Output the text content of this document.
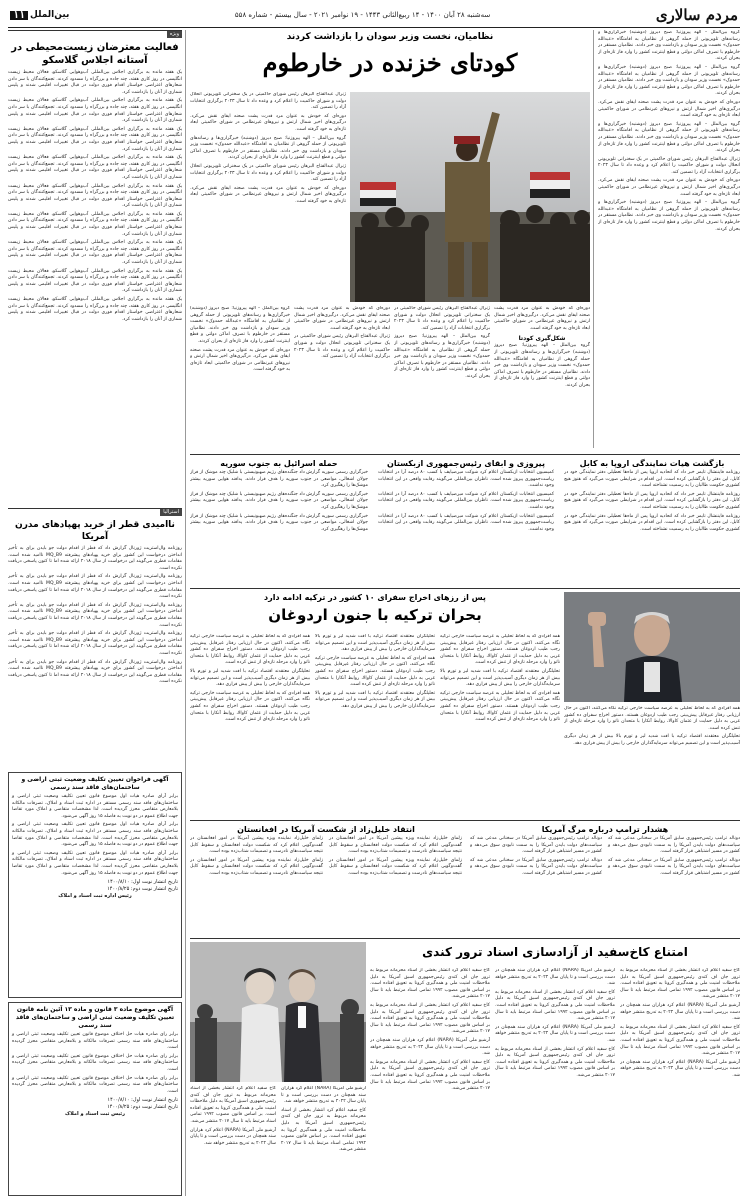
مردم سالاری
سه‌شنبه ۲۸ آبان ۱۴۰۰ - ۱۴ ربیع‌الثانی ۱۴۴۳ - ۱۹ نوامبر ۲۰۲۱ - سال بیستم - شماره ۵۵۸
بین‌الملل
۱۱

گروه بین‌الملل – الهه پیروزنیا: صبح دیروز (دوشنبه) خبرگزاری‌ها و رسانه‌های تلویزیونی از حمله گروهی از نظامیان به اقامتگاه «عبدالله حمدوک» نخست وزیر سودان و بازداشت وی خبر دادند. نظامیان مستقر در خارطوم با تصرف اماکن دولتی و قطع اینترنت کشور را وارد فاز تازه‌ای از بحران کردند.

گروه بین‌الملل – الهه پیروزنیا: صبح دیروز (دوشنبه) خبرگزاری‌ها و رسانه‌های تلویزیونی از حمله گروهی از نظامیان به اقامتگاه «عبدالله حمدوک» نخست وزیر سودان و بازداشت وی خبر دادند. نظامیان مستقر در خارطوم با تصرف اماکن دولتی و قطع اینترنت کشور را وارد فاز تازه‌ای از بحران کردند.

دوره‌ای که خودش به عنوان مرد قدرت پشت صحنه ایفای نقش می‌کرد. درگیری‌های اخیر شمال ارتش و نیروهای غیرنظامی در شورای حاکمیتی ابعاد تازه‌ای به خود گرفته است.

گروه بین‌الملل – الهه پیروزنیا: صبح دیروز (دوشنبه) خبرگزاری‌ها و رسانه‌های تلویزیونی از حمله گروهی از نظامیان به اقامتگاه «عبدالله حمدوک» نخست وزیر سودان و بازداشت وی خبر دادند. نظامیان مستقر در خارطوم با تصرف اماکن دولتی و قطع اینترنت کشور را وارد فاز تازه‌ای از بحران کردند.

ژنرال عبدالفتاح البرهان رئیس شورای حاکمیتی در یک سخنرانی تلویزیونی انحلال دولت و شورای حاکمیت را اعلام کرد و وعده داد تا سال ۲۰۲۳ برگزاری انتخابات آزاد را تضمین کند.

دوره‌ای که خودش به عنوان مرد قدرت پشت صحنه ایفای نقش می‌کرد. درگیری‌های اخیر شمال ارتش و نیروهای غیرنظامی در شورای حاکمیتی ابعاد تازه‌ای به خود گرفته است.

گروه بین‌الملل – الهه پیروزنیا: صبح دیروز (دوشنبه) خبرگزاری‌ها و رسانه‌های تلویزیونی از حمله گروهی از نظامیان به اقامتگاه «عبدالله حمدوک» نخست وزیر سودان و بازداشت وی خبر دادند. نظامیان مستقر در خارطوم با تصرف اماکن دولتی و قطع اینترنت کشور را وارد فاز تازه‌ای از بحران کردند.

نظامیان، نخست وزیر سودان را بازداشت کردند
کودتای خزنده در خارطوم

ژنرال عبدالفتاح البرهان رئیس شورای حاکمیتی در یک سخنرانی تلویزیونی انحلال دولت و شورای حاکمیت را اعلام کرد و وعده داد تا سال ۲۰۲۳ برگزاری انتخابات آزاد را تضمین کند.

دوره‌ای که خودش به عنوان مرد قدرت پشت صحنه ایفای نقش می‌کرد. درگیری‌های اخیر شمال ارتش و نیروهای غیرنظامی در شورای حاکمیتی ابعاد تازه‌ای به خود گرفته است.

گروه بین‌الملل – الهه پیروزنیا: صبح دیروز (دوشنبه) خبرگزاری‌ها و رسانه‌های تلویزیونی از حمله گروهی از نظامیان به اقامتگاه «عبدالله حمدوک» نخست وزیر سودان و بازداشت وی خبر دادند. نظامیان مستقر در خارطوم با تصرف اماکن دولتی و قطع اینترنت کشور را وارد فاز تازه‌ای از بحران کردند.

ژنرال عبدالفتاح البرهان رئیس شورای حاکمیتی در یک سخنرانی تلویزیونی انحلال دولت و شورای حاکمیت را اعلام کرد و وعده داد تا سال ۲۰۲۳ برگزاری انتخابات آزاد را تضمین کند.

دوره‌ای که خودش به عنوان مرد قدرت پشت صحنه ایفای نقش می‌کرد. درگیری‌های اخیر شمال ارتش و نیروهای غیرنظامی در شورای حاکمیتی ابعاد تازه‌ای به خود گرفته است.

دوره‌ای که خودش به عنوان مرد قدرت پشت صحنه ایفای نقش می‌کرد. درگیری‌های اخیر شمال ارتش و نیروهای غیرنظامی در شورای حاکمیتی ابعاد تازه‌ای به خود گرفته است.

شکل‌گیری کودتا

گروه بین‌الملل – الهه پیروزنیا: صبح دیروز (دوشنبه) خبرگزاری‌ها و رسانه‌های تلویزیونی از حمله گروهی از نظامیان به اقامتگاه «عبدالله حمدوک» نخست وزیر سودان و بازداشت وی خبر دادند. نظامیان مستقر در خارطوم با تصرف اماکن دولتی و قطع اینترنت کشور را وارد فاز تازه‌ای از بحران کردند.

ژنرال عبدالفتاح البرهان رئیس شورای حاکمیتی در یک سخنرانی تلویزیونی انحلال دولت و شورای حاکمیت را اعلام کرد و وعده داد تا سال ۲۰۲۳ برگزاری انتخابات آزاد را تضمین کند.

گروه بین‌الملل – الهه پیروزنیا: صبح دیروز (دوشنبه) خبرگزاری‌ها و رسانه‌های تلویزیونی از حمله گروهی از نظامیان به اقامتگاه «عبدالله حمدوک» نخست وزیر سودان و بازداشت وی خبر دادند. نظامیان مستقر در خارطوم با تصرف اماکن دولتی و قطع اینترنت کشور را وارد فاز تازه‌ای از بحران کردند.

دوره‌ای که خودش به عنوان مرد قدرت پشت صحنه ایفای نقش می‌کرد. درگیری‌های اخیر شمال ارتش و نیروهای غیرنظامی در شورای حاکمیتی ابعاد تازه‌ای به خود گرفته است.

ژنرال عبدالفتاح البرهان رئیس شورای حاکمیتی در یک سخنرانی تلویزیونی انحلال دولت و شورای حاکمیت را اعلام کرد و وعده داد تا سال ۲۰۲۳ برگزاری انتخابات آزاد را تضمین کند.

گروه بین‌الملل – الهه پیروزنیا: صبح دیروز (دوشنبه) خبرگزاری‌ها و رسانه‌های تلویزیونی از حمله گروهی از نظامیان به اقامتگاه «عبدالله حمدوک» نخست وزیر سودان و بازداشت وی خبر دادند. نظامیان مستقر در خارطوم با تصرف اماکن دولتی و قطع اینترنت کشور را وارد فاز تازه‌ای از بحران کردند.

دوره‌ای که خودش به عنوان مرد قدرت پشت صحنه ایفای نقش می‌کرد. درگیری‌های اخیر شمال ارتش و نیروهای غیرنظامی در شورای حاکمیتی ابعاد تازه‌ای به خود گرفته است.

ویژه
فعالیت معترضان زیست‌محیطی در آستانه اجلاس گلاسکو

یک هفته مانده به برگزاری اجلاس بین‌المللی آب‌وهوایی گلاسکو، فعالان محیط زیست انگلیسی در روز کاری هفته، چند جاده و بزرگراه را مسدود کردند. تجمع‌کنندگان با سر دادن شعارهای اعتراضی خواستار اقدام فوری دولت در قبال تغییرات اقلیمی شدند و پلیس شماری از آنان را بازداشت کرد.

یک هفته مانده به برگزاری اجلاس بین‌المللی آب‌وهوایی گلاسکو، فعالان محیط زیست انگلیسی در روز کاری هفته، چند جاده و بزرگراه را مسدود کردند. تجمع‌کنندگان با سر دادن شعارهای اعتراضی خواستار اقدام فوری دولت در قبال تغییرات اقلیمی شدند و پلیس شماری از آنان را بازداشت کرد.

یک هفته مانده به برگزاری اجلاس بین‌المللی آب‌وهوایی گلاسکو، فعالان محیط زیست انگلیسی در روز کاری هفته، چند جاده و بزرگراه را مسدود کردند. تجمع‌کنندگان با سر دادن شعارهای اعتراضی خواستار اقدام فوری دولت در قبال تغییرات اقلیمی شدند و پلیس شماری از آنان را بازداشت کرد.

یک هفته مانده به برگزاری اجلاس بین‌المللی آب‌وهوایی گلاسکو، فعالان محیط زیست انگلیسی در روز کاری هفته، چند جاده و بزرگراه را مسدود کردند. تجمع‌کنندگان با سر دادن شعارهای اعتراضی خواستار اقدام فوری دولت در قبال تغییرات اقلیمی شدند و پلیس شماری از آنان را بازداشت کرد.

یک هفته مانده به برگزاری اجلاس بین‌المللی آب‌وهوایی گلاسکو، فعالان محیط زیست انگلیسی در روز کاری هفته، چند جاده و بزرگراه را مسدود کردند. تجمع‌کنندگان با سر دادن شعارهای اعتراضی خواستار اقدام فوری دولت در قبال تغییرات اقلیمی شدند و پلیس شماری از آنان را بازداشت کرد.

یک هفته مانده به برگزاری اجلاس بین‌المللی آب‌وهوایی گلاسکو، فعالان محیط زیست انگلیسی در روز کاری هفته، چند جاده و بزرگراه را مسدود کردند. تجمع‌کنندگان با سر دادن شعارهای اعتراضی خواستار اقدام فوری دولت در قبال تغییرات اقلیمی شدند و پلیس شماری از آنان را بازداشت کرد.

یک هفته مانده به برگزاری اجلاس بین‌المللی آب‌وهوایی گلاسکو، فعالان محیط زیست انگلیسی در روز کاری هفته، چند جاده و بزرگراه را مسدود کردند. تجمع‌کنندگان با سر دادن شعارهای اعتراضی خواستار اقدام فوری دولت در قبال تغییرات اقلیمی شدند و پلیس شماری از آنان را بازداشت کرد.

یک هفته مانده به برگزاری اجلاس بین‌المللی آب‌وهوایی گلاسکو، فعالان محیط زیست انگلیسی در روز کاری هفته، چند جاده و بزرگراه را مسدود کردند. تجمع‌کنندگان با سر دادن شعارهای اعتراضی خواستار اقدام فوری دولت در قبال تغییرات اقلیمی شدند و پلیس شماری از آنان را بازداشت کرد.

یک هفته مانده به برگزاری اجلاس بین‌المللی آب‌وهوایی گلاسکو، فعالان محیط زیست انگلیسی در روز کاری هفته، چند جاده و بزرگراه را مسدود کردند. تجمع‌کنندگان با سر دادن شعارهای اعتراضی خواستار اقدام فوری دولت در قبال تغییرات اقلیمی شدند و پلیس شماری از آنان را بازداشت کرد.

استرالیا
ناامیدی قطر از خرید پهپادهای مدرن آمریکا

روزنامه وال‌استریت ژورنال گزارش داد که قطر از اقدام دولت جو بایدن برای به تأخیر انداختن درخواست این کشور برای خرید پهپادهای پیشرفته MQ_B9 ناامید شده است. مقامات قطری می‌گویند این درخواست از سال ۲۰۱۸ ارائه شده اما تا کنون پاسخی دریافت نکرده است.

روزنامه وال‌استریت ژورنال گزارش داد که قطر از اقدام دولت جو بایدن برای به تأخیر انداختن درخواست این کشور برای خرید پهپادهای پیشرفته MQ_B9 ناامید شده است. مقامات قطری می‌گویند این درخواست از سال ۲۰۱۸ ارائه شده اما تا کنون پاسخی دریافت نکرده است.

روزنامه وال‌استریت ژورنال گزارش داد که قطر از اقدام دولت جو بایدن برای به تأخیر انداختن درخواست این کشور برای خرید پهپادهای پیشرفته MQ_B9 ناامید شده است. مقامات قطری می‌گویند این درخواست از سال ۲۰۱۸ ارائه شده اما تا کنون پاسخی دریافت نکرده است.

روزنامه وال‌استریت ژورنال گزارش داد که قطر از اقدام دولت جو بایدن برای به تأخیر انداختن درخواست این کشور برای خرید پهپادهای پیشرفته MQ_B9 ناامید شده است. مقامات قطری می‌گویند این درخواست از سال ۲۰۱۸ ارائه شده اما تا کنون پاسخی دریافت نکرده است.

روزنامه وال‌استریت ژورنال گزارش داد که قطر از اقدام دولت جو بایدن برای به تأخیر انداختن درخواست این کشور برای خرید پهپادهای پیشرفته MQ_B9 ناامید شده است. مقامات قطری می‌گویند این درخواست از سال ۲۰۱۸ ارائه شده اما تا کنون پاسخی دریافت نکرده است.

آگهی فراخوان تعیین تکلیف وضعیت ثبتی اراضی و ساختمان‌های فاقد سند رسمی

برابر آرای صادره هیات اول موضوع قانون تعیین تکلیف وضعیت ثبتی اراضی و ساختمان‌های فاقد سند رسمی مستقر در اداره ثبت اسناد و املاک، تصرفات مالکانه بلامعارض متقاضی محرز گردیده است. لذا مشخصات متقاضی و املاک مورد تقاضا جهت اطلاع عموم در دو نوبت به فاصله ۱۵ روز آگهی می‌شود.

برابر آرای صادره هیات اول موضوع قانون تعیین تکلیف وضعیت ثبتی اراضی و ساختمان‌های فاقد سند رسمی مستقر در اداره ثبت اسناد و املاک، تصرفات مالکانه بلامعارض متقاضی محرز گردیده است. لذا مشخصات متقاضی و املاک مورد تقاضا جهت اطلاع عموم در دو نوبت به فاصله ۱۵ روز آگهی می‌شود.

برابر آرای صادره هیات اول موضوع قانون تعیین تکلیف وضعیت ثبتی اراضی و ساختمان‌های فاقد سند رسمی مستقر در اداره ثبت اسناد و املاک، تصرفات مالکانه بلامعارض متقاضی محرز گردیده است. لذا مشخصات متقاضی و املاک مورد تقاضا جهت اطلاع عموم در دو نوبت به فاصله ۱۵ روز آگهی می‌شود.

تاریخ انتشار نوبت اول: ۱۴۰۰/۸/۱۰
تاریخ انتشار نوبت دوم: ۱۴۰۰/۸/۲۵
رئیس اداره ثبت اسناد و املاک
آگهی موضوع ماده ۳ قانون و ماده ۱۳ آئین نامه قانون تعیین تکلیف وضعیت ثبتی اراضی و ساختمان‌های فاقد سند رسمی

برابر رای صادره هیات حل اختلاف موضوع قانون تعیین تکلیف وضعیت ثبتی اراضی و ساختمان‌های فاقد سند رسمی تصرفات مالکانه و بلامعارض متقاضی محرز گردیده است.

برابر رای صادره هیات حل اختلاف موضوع قانون تعیین تکلیف وضعیت ثبتی اراضی و ساختمان‌های فاقد سند رسمی تصرفات مالکانه و بلامعارض متقاضی محرز گردیده است.

برابر رای صادره هیات حل اختلاف موضوع قانون تعیین تکلیف وضعیت ثبتی اراضی و ساختمان‌های فاقد سند رسمی تصرفات مالکانه و بلامعارض متقاضی محرز گردیده است.

تاریخ انتشار نوبت اول: ۱۴۰۰/۸/۱۰
تاریخ انتشار نوبت دوم: ۱۴۰۰/۸/۲۵
رئیس ثبت اسناد و املاک
بازگشت هیات نمایندگی اروپا به کابل

روزنامه فایننشال تایمز خبر داد که اتحادیه اروپا پس از ماه‌ها تعطیلی دفتر نمایندگی خود در کابل، این دفتر را بازگشایی کرده است. این اقدام در شرایطی صورت می‌گیرد که هنوز هیچ کشوری حکومت طالبان را به رسمیت نشناخته است.

روزنامه فایننشال تایمز خبر داد که اتحادیه اروپا پس از ماه‌ها تعطیلی دفتر نمایندگی خود در کابل، این دفتر را بازگشایی کرده است. این اقدام در شرایطی صورت می‌گیرد که هنوز هیچ کشوری حکومت طالبان را به رسمیت نشناخته است.

روزنامه فایننشال تایمز خبر داد که اتحادیه اروپا پس از ماه‌ها تعطیلی دفتر نمایندگی خود در کابل، این دفتر را بازگشایی کرده است. این اقدام در شرایطی صورت می‌گیرد که هنوز هیچ کشوری حکومت طالبان را به رسمیت نشناخته است.

پیروزی و ابقای رئیس‌جمهوری ازبکستان

کمیسیون انتخابات ازبکستان اعلام کرد شوکت میرضیایف با کسب ۸۰ درصد آرا در انتخابات ریاست‌جمهوری پیروز شده است. ناظران بین‌المللی می‌گویند رقابت واقعی در این انتخابات وجود نداشت.

کمیسیون انتخابات ازبکستان اعلام کرد شوکت میرضیایف با کسب ۸۰ درصد آرا در انتخابات ریاست‌جمهوری پیروز شده است. ناظران بین‌المللی می‌گویند رقابت واقعی در این انتخابات وجود نداشت.

کمیسیون انتخابات ازبکستان اعلام کرد شوکت میرضیایف با کسب ۸۰ درصد آرا در انتخابات ریاست‌جمهوری پیروز شده است. ناظران بین‌المللی می‌گویند رقابت واقعی در این انتخابات وجود نداشت.

حمله اسرائیل به جنوب سوریه

خبرگزاری رسمی سوریه گزارش داد جنگنده‌های رژیم صهیونیستی با شلیک چند موشک از فراز جولان اشغالی، مواضعی در جنوب سوریه را هدف قرار دادند. پدافند هوایی سوریه بیشتر موشک‌ها را رهگیری کرد.

خبرگزاری رسمی سوریه گزارش داد جنگنده‌های رژیم صهیونیستی با شلیک چند موشک از فراز جولان اشغالی، مواضعی در جنوب سوریه را هدف قرار دادند. پدافند هوایی سوریه بیشتر موشک‌ها را رهگیری کرد.

خبرگزاری رسمی سوریه گزارش داد جنگنده‌های رژیم صهیونیستی با شلیک چند موشک از فراز جولان اشغالی، مواضعی در جنوب سوریه را هدف قرار دادند. پدافند هوایی سوریه بیشتر موشک‌ها را رهگیری کرد.

پس از رزهای اخراج سفرای ۱۰ کشور در ترکیه ادامه دارد
بحران ترکیه با جنون اردوغان

همه افرادی که به لحاظ تحلیلی به عرصه سیاست خارجی ترکیه نگاه می‌کنند، اکنون در حال ارزیابی رفتار غیرقابل پیش‌بینی رجب طیب اردوغان هستند. دستور اخراج سفرای ده کشور غربی به دلیل حمایت از عثمان کاوالا، روابط آنکارا با متحدان ناتو را وارد مرحله تازه‌ای از تنش کرده است.

تحلیلگران معتقدند اقتصاد ترکیه با افت شدید لیر و تورم بالا بیش از هر زمان دیگری آسیب‌پذیر است و این تصمیم می‌تواند سرمایه‌گذاران خارجی را بیش از پیش فراری دهد.

همه افرادی که به لحاظ تحلیلی به عرصه سیاست خارجی ترکیه نگاه می‌کنند، اکنون در حال ارزیابی رفتار غیرقابل پیش‌بینی رجب طیب اردوغان هستند. دستور اخراج سفرای ده کشور غربی به دلیل حمایت از عثمان کاوالا، روابط آنکارا با متحدان ناتو را وارد مرحله تازه‌ای از تنش کرده است.

تحلیلگران معتقدند اقتصاد ترکیه با افت شدید لیر و تورم بالا بیش از هر زمان دیگری آسیب‌پذیر است و این تصمیم می‌تواند سرمایه‌گذاران خارجی را بیش از پیش فراری دهد.

همه افرادی که به لحاظ تحلیلی به عرصه سیاست خارجی ترکیه نگاه می‌کنند، اکنون در حال ارزیابی رفتار غیرقابل پیش‌بینی رجب طیب اردوغان هستند. دستور اخراج سفرای ده کشور غربی به دلیل حمایت از عثمان کاوالا، روابط آنکارا با متحدان ناتو را وارد مرحله تازه‌ای از تنش کرده است.

تحلیلگران معتقدند اقتصاد ترکیه با افت شدید لیر و تورم بالا بیش از هر زمان دیگری آسیب‌پذیر است و این تصمیم می‌تواند سرمایه‌گذاران خارجی را بیش از پیش فراری دهد.

همه افرادی که به لحاظ تحلیلی به عرصه سیاست خارجی ترکیه نگاه می‌کنند، اکنون در حال ارزیابی رفتار غیرقابل پیش‌بینی رجب طیب اردوغان هستند. دستور اخراج سفرای ده کشور غربی به دلیل حمایت از عثمان کاوالا، روابط آنکارا با متحدان ناتو را وارد مرحله تازه‌ای از تنش کرده است.

تحلیلگران معتقدند اقتصاد ترکیه با افت شدید لیر و تورم بالا بیش از هر زمان دیگری آسیب‌پذیر است و این تصمیم می‌تواند سرمایه‌گذاران خارجی را بیش از پیش فراری دهد.

همه افرادی که به لحاظ تحلیلی به عرصه سیاست خارجی ترکیه نگاه می‌کنند، اکنون در حال ارزیابی رفتار غیرقابل پیش‌بینی رجب طیب اردوغان هستند. دستور اخراج سفرای ده کشور غربی به دلیل حمایت از عثمان کاوالا، روابط آنکارا با متحدان ناتو را وارد مرحله تازه‌ای از تنش کرده است.

تحلیلگران معتقدند اقتصاد ترکیه با افت شدید لیر و تورم بالا بیش از هر زمان دیگری آسیب‌پذیر است و این تصمیم می‌تواند سرمایه‌گذاران خارجی را بیش از پیش فراری دهد.

همه افرادی که به لحاظ تحلیلی به عرصه سیاست خارجی ترکیه نگاه می‌کنند، اکنون در حال ارزیابی رفتار غیرقابل پیش‌بینی رجب طیب اردوغان هستند. دستور اخراج سفرای ده کشور غربی به دلیل حمایت از عثمان کاوالا، روابط آنکارا با متحدان ناتو را وارد مرحله تازه‌ای از تنش کرده است.

هشدار ترامپ درباره مرگ آمریکا

دونالد ترامپ رئیس‌جمهوری سابق آمریکا در سخنانی مدعی شد که سیاست‌های دولت بایدن آمریکا را به سمت نابودی سوق می‌دهد و کشور در مسیر اشتباهی قرار گرفته است.

دونالد ترامپ رئیس‌جمهوری سابق آمریکا در سخنانی مدعی شد که سیاست‌های دولت بایدن آمریکا را به سمت نابودی سوق می‌دهد و کشور در مسیر اشتباهی قرار گرفته است.

دونالد ترامپ رئیس‌جمهوری سابق آمریکا در سخنانی مدعی شد که سیاست‌های دولت بایدن آمریکا را به سمت نابودی سوق می‌دهد و کشور در مسیر اشتباهی قرار گرفته است.

دونالد ترامپ رئیس‌جمهوری سابق آمریکا در سخنانی مدعی شد که سیاست‌های دولت بایدن آمریکا را به سمت نابودی سوق می‌دهد و کشور در مسیر اشتباهی قرار گرفته است.

انتقاد خلیل‌زاد از شکست آمریکا در افغانستان

زلمای خلیل‌زاد نماینده ویژه پیشین آمریکا در امور افغانستان در گفت‌وگویی اعلام کرد که شکست دولت افغانستان و سقوط کابل نتیجه سیاست‌های نادرست و تصمیمات شتاب‌زده بوده است.

زلمای خلیل‌زاد نماینده ویژه پیشین آمریکا در امور افغانستان در گفت‌وگویی اعلام کرد که شکست دولت افغانستان و سقوط کابل نتیجه سیاست‌های نادرست و تصمیمات شتاب‌زده بوده است.

زلمای خلیل‌زاد نماینده ویژه پیشین آمریکا در امور افغانستان در گفت‌وگویی اعلام کرد که شکست دولت افغانستان و سقوط کابل نتیجه سیاست‌های نادرست و تصمیمات شتاب‌زده بوده است.

زلمای خلیل‌زاد نماینده ویژه پیشین آمریکا در امور افغانستان در گفت‌وگویی اعلام کرد که شکست دولت افغانستان و سقوط کابل نتیجه سیاست‌های نادرست و تصمیمات شتاب‌زده بوده است.

امتناع کاخ‌سفید از آزادسازی اسناد ترور کندی

کاخ سفید اعلام کرد انتشار بخشی از اسناد محرمانه مربوط به ترور جان اف کندی رئیس‌جمهوری اسبق آمریکا به دلیل ملاحظات امنیت ملی و همه‌گیری کرونا به تعویق افتاده است. بر اساس قانون مصوب ۱۹۹۲ تمامی اسناد مرتبط باید تا سال ۲۰۱۷ منتشر می‌شد.

آرشیو ملی آمریکا (NARA) اعلام کرد هزاران سند همچنان در دست بررسی است و تا پایان سال ۲۰۲۲ به تدریج منتشر خواهد شد.

کاخ سفید اعلام کرد انتشار بخشی از اسناد محرمانه مربوط به ترور جان اف کندی رئیس‌جمهوری اسبق آمریکا به دلیل ملاحظات امنیت ملی و همه‌گیری کرونا به تعویق افتاده است. بر اساس قانون مصوب ۱۹۹۲ تمامی اسناد مرتبط باید تا سال ۲۰۱۷ منتشر می‌شد.

آرشیو ملی آمریکا (NARA) اعلام کرد هزاران سند همچنان در دست بررسی است و تا پایان سال ۲۰۲۲ به تدریج منتشر خواهد شد.

آرشیو ملی آمریکا (NARA) اعلام کرد هزاران سند همچنان در دست بررسی است و تا پایان سال ۲۰۲۲ به تدریج منتشر خواهد شد.

کاخ سفید اعلام کرد انتشار بخشی از اسناد محرمانه مربوط به ترور جان اف کندی رئیس‌جمهوری اسبق آمریکا به دلیل ملاحظات امنیت ملی و همه‌گیری کرونا به تعویق افتاده است. بر اساس قانون مصوب ۱۹۹۲ تمامی اسناد مرتبط باید تا سال ۲۰۱۷ منتشر می‌شد.

آرشیو ملی آمریکا (NARA) اعلام کرد هزاران سند همچنان در دست بررسی است و تا پایان سال ۲۰۲۲ به تدریج منتشر خواهد شد.

کاخ سفید اعلام کرد انتشار بخشی از اسناد محرمانه مربوط به ترور جان اف کندی رئیس‌جمهوری اسبق آمریکا به دلیل ملاحظات امنیت ملی و همه‌گیری کرونا به تعویق افتاده است. بر اساس قانون مصوب ۱۹۹۲ تمامی اسناد مرتبط باید تا سال ۲۰۱۷ منتشر می‌شد.

کاخ سفید اعلام کرد انتشار بخشی از اسناد محرمانه مربوط به ترور جان اف کندی رئیس‌جمهوری اسبق آمریکا به دلیل ملاحظات امنیت ملی و همه‌گیری کرونا به تعویق افتاده است. بر اساس قانون مصوب ۱۹۹۲ تمامی اسناد مرتبط باید تا سال ۲۰۱۷ منتشر می‌شد.

کاخ سفید اعلام کرد انتشار بخشی از اسناد محرمانه مربوط به ترور جان اف کندی رئیس‌جمهوری اسبق آمریکا به دلیل ملاحظات امنیت ملی و همه‌گیری کرونا به تعویق افتاده است. بر اساس قانون مصوب ۱۹۹۲ تمامی اسناد مرتبط باید تا سال ۲۰۱۷ منتشر می‌شد.

آرشیو ملی آمریکا (NARA) اعلام کرد هزاران سند همچنان در دست بررسی است و تا پایان سال ۲۰۲۲ به تدریج منتشر خواهد شد.

کاخ سفید اعلام کرد انتشار بخشی از اسناد محرمانه مربوط به ترور جان اف کندی رئیس‌جمهوری اسبق آمریکا به دلیل ملاحظات امنیت ملی و همه‌گیری کرونا به تعویق افتاده است. بر اساس قانون مصوب ۱۹۹۲ تمامی اسناد مرتبط باید تا سال ۲۰۱۷ منتشر می‌شد.

آرشیو ملی آمریکا (NARA) اعلام کرد هزاران سند همچنان در دست بررسی است و تا پایان سال ۲۰۲۲ به تدریج منتشر خواهد شد.

کاخ سفید اعلام کرد انتشار بخشی از اسناد محرمانه مربوط به ترور جان اف کندی رئیس‌جمهوری اسبق آمریکا به دلیل ملاحظات امنیت ملی و همه‌گیری کرونا به تعویق افتاده است. بر اساس قانون مصوب ۱۹۹۲ تمامی اسناد مرتبط باید تا سال ۲۰۱۷ منتشر می‌شد.

کاخ سفید اعلام کرد انتشار بخشی از اسناد محرمانه مربوط به ترور جان اف کندی رئیس‌جمهوری اسبق آمریکا به دلیل ملاحظات امنیت ملی و همه‌گیری کرونا به تعویق افتاده است. بر اساس قانون مصوب ۱۹۹۲ تمامی اسناد مرتبط باید تا سال ۲۰۱۷ منتشر می‌شد.

آرشیو ملی آمریکا (NARA) اعلام کرد هزاران سند همچنان در دست بررسی است و تا پایان سال ۲۰۲۲ به تدریج منتشر خواهد شد.
